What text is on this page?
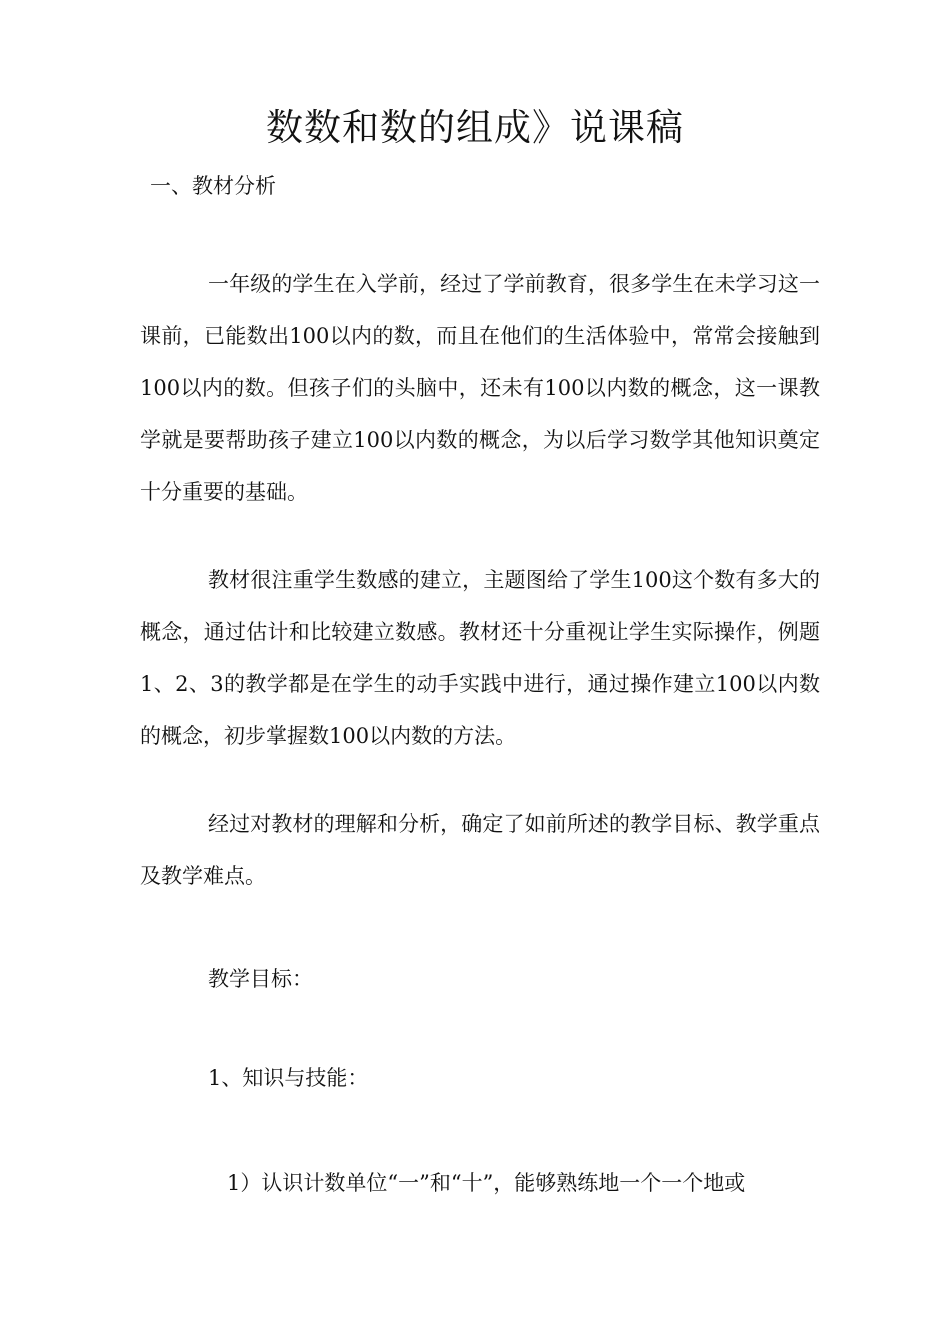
数数和数的组成》说课稿
一、教材分析

一年级的学生在入学前，经过了学前教育，很多学生在未学习这一课前，已能数出100以内的数，而且在他们的生活体验中，常常会接触到100以内的数。但孩子们的头脑中，还未有100以内数的概念，这一课教学就是要帮助孩子建立100以内数的概念，为以后学习数学其他知识奠定十分重要的基础。

教材很注重学生数感的建立，主题图给了学生100这个数有多大的概念，通过估计和比较建立数感。教材还十分重视让学生实际操作，例题1、2、3的教学都是在学生的动手实践中进行，通过操作建立100以内数的概念，初步掌握数100以内数的方法。

经过对教材的理解和分析，确定了如前所述的教学目标、教学重点及教学难点。

教学目标：

1、知识与技能：

1）认识计数单位“一”和“十”，能够熟练地一个一个地或
